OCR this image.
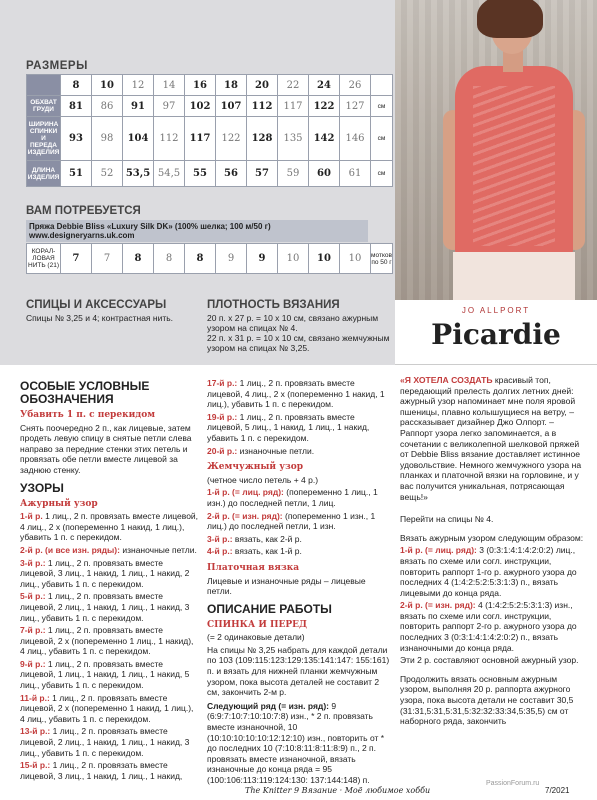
JO ALLPORT
Picardie
РАЗМЕРЫ
	8	10	12	14	16	18	20	22	24	26	
ОБХВАТ ГРУДИ	81	86	91	97	102	107	112	117	122	127	см
ШИРИНА СПИНКИ И ПЕРЕДА ИЗДЕЛИЯ	93	98	104	112	117	122	128	135	142	146	см
ДЛИНА ИЗДЕЛИЯ	51	52	53,5	54,5	55	56	57	59	60	61	см
ВАМ ПОТРЕБУЕТСЯ
Пряжа Debbie Bliss «Luxury Silk DK» (100% шелка; 100 м/50 г)
www.designeryarns.uk.com
КОРАЛ-ЛОВАЯ НИТЬ (21)	7	7	8	8	8	9	9	10	10	10	мотков по 50 г
СПИЦЫ И АКСЕССУАРЫ
Спицы № 3,25 и 4; контрастная нить.
ПЛОТНОСТЬ ВЯЗАНИЯ
20 п. х 27 р. = 10 х 10 см, связано ажурным узором на спицах № 4.
22 п. х 31 р. = 10 х 10 см, связано жемчужным узором на спицах № 3,25.
ОСОБЫЕ УСЛОВНЫЕ ОБОЗНАЧЕНИЯ
Убавить 1 п. с перекидом

Снять поочередно 2 п., как лицевые, затем продеть левую спицу в снятые петли слева направо за передние стенки этих петель и провязать обе петли вместе лицевой за заднюю стенку.

УЗОРЫ
Ажурный узор

1-й р. 1 лиц., 2 п. провязать вместе лицевой, 4 лиц., 2 х (попеременно 1 накид, 1 лиц.), убавить 1 п. с перекидом.

2-й р. (и все изн. ряды): изнаночные петли.

3-й р.: 1 лиц., 2 п. провязать вместе лицевой, 3 лиц., 1 накид, 1 лиц., 1 накид, 2 лиц., убавить 1 п. с перекидом.

5-й р.: 1 лиц., 2 п. провязать вместе лицевой, 2 лиц., 1 накид, 1 лиц., 1 накид, 3 лиц., убавить 1 п. с перекидом.

7-й р.: 1 лиц., 2 п. провязать вместе лицевой, 2 х (попеременно 1 лиц., 1 накид), 4 лиц., убавить 1 п. с перекидом.

9-й р.: 1 лиц., 2 п. провязать вместе лицевой, 1 лиц., 1 накид, 1 лиц., 1 накид, 5 лиц., убавить 1 п. с перекидом.

11-й р.: 1 лиц., 2 п. провязать вместе лицевой, 2 х (попеременно 1 накид, 1 лиц.), 4 лиц., убавить 1 п. с перекидом.

13-й р.: 1 лиц., 2 п. провязать вместе лицевой, 2 лиц., 1 накид, 1 лиц., 1 накид, 3 лиц., убавить 1 п. с перекидом.

15-й р.: 1 лиц., 2 п. провязать вместе лицевой, 3 лиц., 1 накид, 1 лиц., 1 накид,

17-й р.: 1 лиц., 2 п. провязать вместе лицевой, 4 лиц., 2 х (попеременно 1 накид, 1 лиц.), убавить 1 п. с перекидом.

19-й р.: 1 лиц., 2 п. провязать вместе лицевой, 5 лиц., 1 накид, 1 лиц., 1 накид, убавить 1 п. с перекидом.

20-й р.: изнаночные петли.

Жемчужный узор

(четное число петель + 4 р.)

1-й р. (= лиц. ряд): (попеременно 1 лиц., 1 изн.) до последней петли, 1 лиц.

2-й р. (= изн. ряд): (попеременно 1 изн., 1 лиц.) до последней петли, 1 изн.

3-й р.: вязать, как 2-й р.

4-й р.: вязать, как 1-й р.

Платочная вязка

Лицевые и изнаночные ряды – лицевые петли.

ОПИСАНИЕ РАБОТЫ
СПИНКА И ПЕРЕД

(= 2 одинаковые детали)

На спицы № 3,25 набрать для каждой детали по 103 (109:115:123:129:135:141:147: 155:161) п. и вязать для нижней планки жемчужным узором, пока высота деталей не составит 2 см, закончить 2-м р.

Следующий ряд (= изн. ряд): 9 (6:9:7:10:7:10:10:7:8) изн., * 2 п. провязать вместе изнаночной, 10 (10:10:10:10:10:12:12:10) изн., повторить от * до последних 10 (7:10:8:11:8:11:8:9) п., 2 п. провязать вместе изнаночной, вязать изнаночные до конца ряда = 95 (100:106:113:119:124:130: 137:144:148) п.

«Я ХОТЕЛА СОЗДАТЬ красивый топ, передающий прелесть долгих летних дней: ажурный узор напоминает мне поля яровой пшеницы, плавно колышущиеся на ветру, – рассказывает дизайнер Джо Олпорт. – Раппорт узора легко запоминается, а в сочетании с великолепной шелковой пряжей от Debbie Bliss вязание доставляет истинное удовольствие. Немного жемчужного узора на планках и платочной вязки на горловине, и у вас получится уникальная, потрясающая вещь!»

Перейти на спицы № 4.

Вязать ажурным узором следующим образом:

1-й р. (= лиц. ряд): 3 (0:3:1:4:1:4:2:0:2) лиц., вязать по схеме или согл. инструкции, повторить раппорт 1-го р. ажурного узора до последних 4 (1:4:2:5:2:5:3:1:3) п., вязать лицевыми до конца ряда.

2-й р. (= изн. ряд): 4 (1:4:2:5:2:5:3:1:3) изн., вязать по схеме или согл. инструкции, повторить раппорт 2-го р. ажурного узора до последних 3 (0:3:1:4:1:4:2:0:2) п., вязать изнаночными до конца ряда.

Эти 2 р. составляют основной ажурный узор.

Продолжить вязать основным ажурным узором, выполняя 20 р. раппорта ажурного узора, пока высота детали не составит 30,5 (31:31,5:31,5:31,5:32:32:33:34,5:35,5) см от наборного ряда, закончить

The Knitter 9 Вязание · Моё любимое хобби
PassionForum.ru
7/2021
